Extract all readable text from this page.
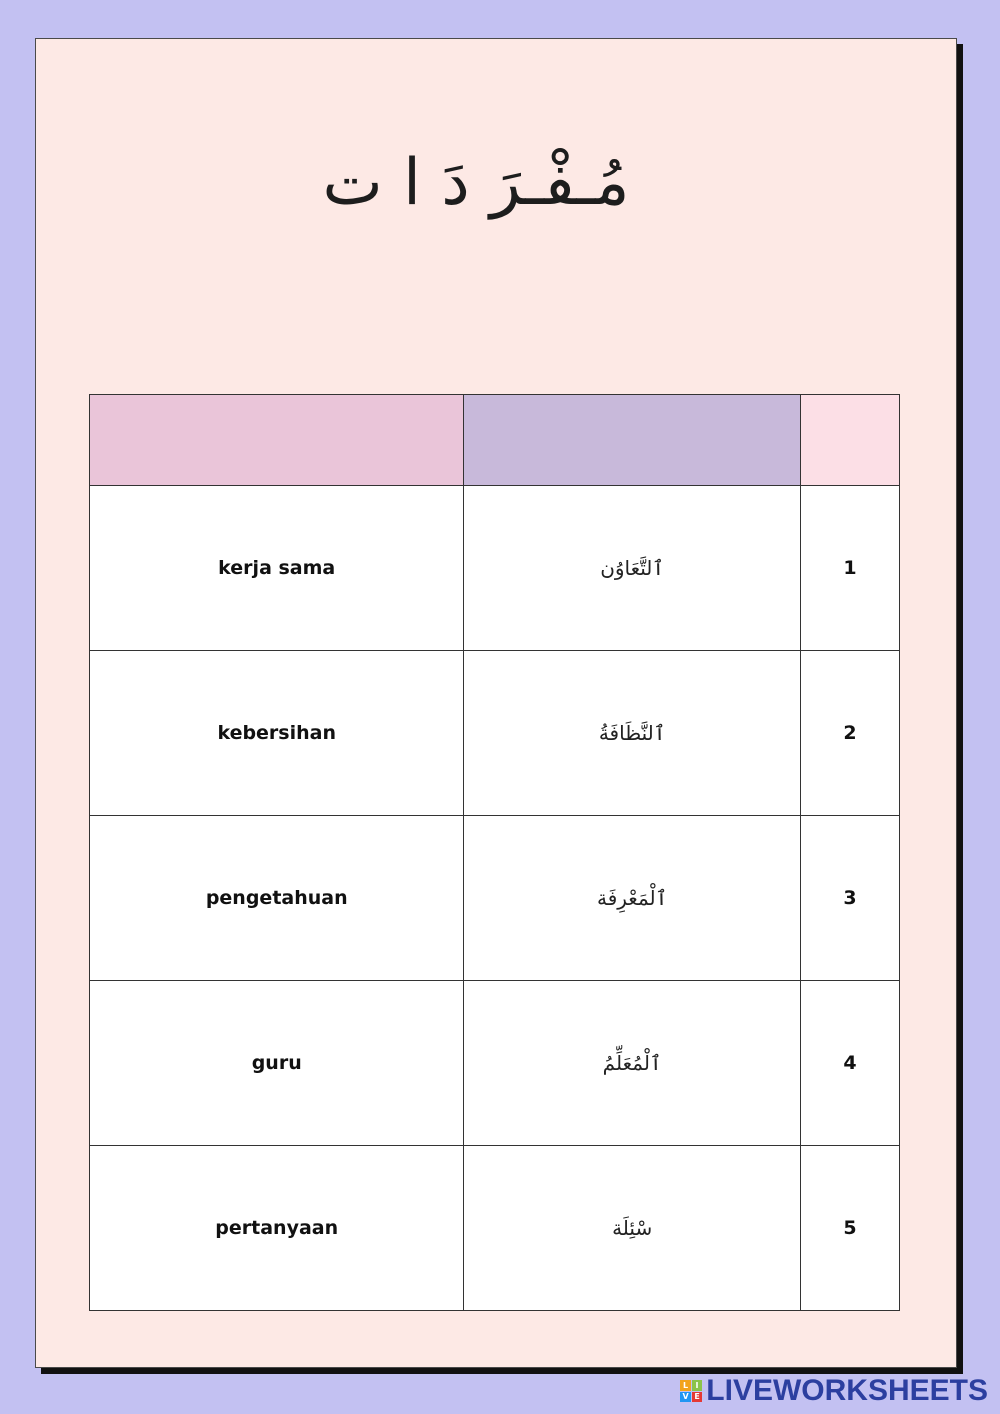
مُـفْـرَ دَ ا ت

kerja sama	ٱلتَّعَاوُن	1
kebersihan	ٱلنَّظَافَةُ	2
pengetahuan	ٱلْمَعْرِفَة	3
guru	ٱلْمُعَلِّمُ	4
pertanyaan	سْئِلَة	5
L I
V E LIVEWORKSHEETS
